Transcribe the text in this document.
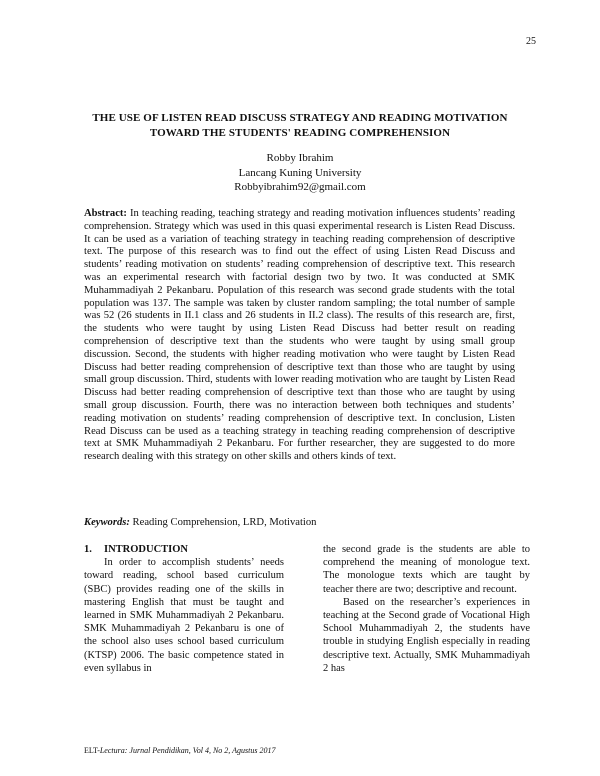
25
THE USE OF LISTEN READ DISCUSS STRATEGY AND READING MOTIVATION
TOWARD THE STUDENTS' READING COMPREHENSION
Robby Ibrahim
Lancang Kuning University
Robbyibrahim92@gmail.com

Abstract: In teaching reading, teaching strategy and reading motivation influences students’ reading comprehension. Strategy which was used in this quasi experimental research is Listen Read Discuss. It can be used as a variation of teaching strategy in teaching reading comprehension of descriptive text. The purpose of this research was to find out the effect of using Listen Read Discuss and students’ reading motivation on students’ reading comprehension of descriptive text. This research was an experimental research with factorial design two by two. It was conducted at SMK Muhammadiyah 2 Pekanbaru. Population of this research was second grade students with the total population was 137. The sample was taken by cluster random sampling; the total number of sample was 52 (26 students in II.1 class and 26 students in II.2 class). The results of this research are, first, the students who were taught by using Listen Read Discuss had better result on reading comprehension of descriptive text than the students who were taught by using small group discussion. Second, the students with higher reading motivation who were taught by Listen Read Discuss had better reading comprehension of descriptive text than those who are taught by using small group discussion. Third, students with lower reading motivation who are taught by Listen Read Discuss had better reading comprehension of descriptive text than those who are taught by using small group discussion. Fourth, there was no interaction between both techniques and students’ reading motivation on students’ reading comprehension of descriptive text. In conclusion, Listen Read Discuss can be used as a teaching strategy in teaching reading comprehension of descriptive text at SMK Muhammadiyah 2 Pekanbaru. For further researcher, they are suggested to do more research dealing with this strategy on other skills and others kinds of text.

Keywords: Reading Comprehension, LRD, Motivation

1. INTRODUCTION

In order to accomplish students’ needs toward reading, school based curriculum (SBC) provides reading one of the skills in mastering English that must be taught and learned in SMK Muhammadiyah 2 Pekanbaru. SMK Muhammadiyah 2 Pekanbaru is one of the school also uses school based curriculum (KTSP) 2006. The basic competence stated in even syllabus in

the second grade is the students are able to comprehend the meaning of monologue text. The monologue texts which are taught by teacher there are two; descriptive and recount.

Based on the researcher’s experiences in teaching at the Second grade of Vocational High School Muhammadiyah 2, the students have trouble in studying English especially in reading descriptive text. Actually, SMK Muhammadiyah 2 has

ELT-Lectura: Jurnal Pendidikan, Vol 4, No 2, Agustus 2017
